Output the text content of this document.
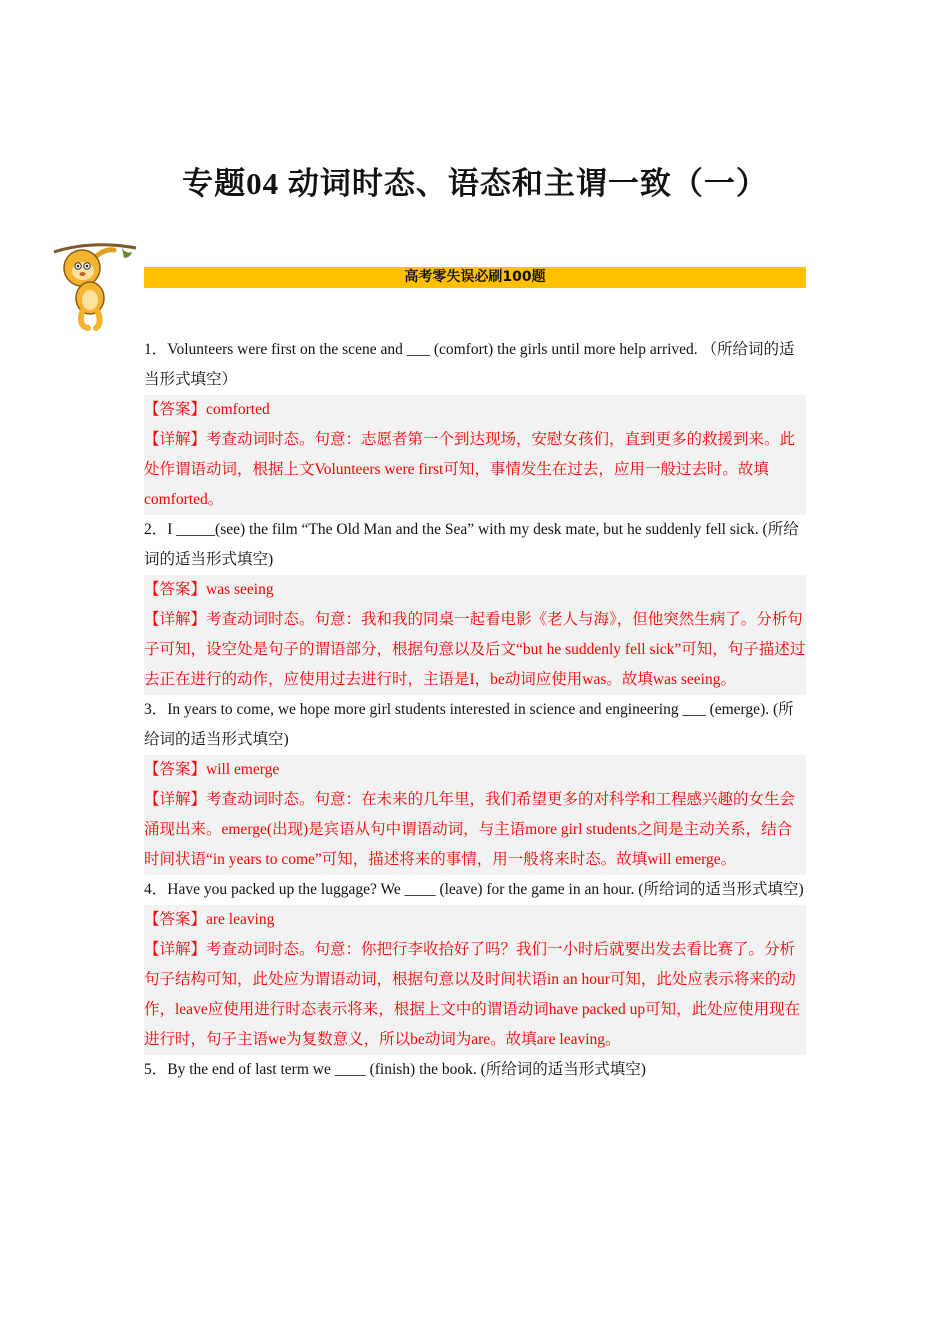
专题04 动词时态、语态和主谓一致（一）
高考零失误必刷100题

1．Volunteers were first on the scene and ___ (comfort) the girls until more help arrived. （所给词的适当形式填空）

【答案】comforted

【详解】考查动词时态。句意：志愿者第一个到达现场，安慰女孩们，直到更多的救援到来。此处作谓语动词，根据上文Volunteers were first可知，事情发生在过去，应用一般过去时。故填comforted。

2．I _____(see) the film “The Old Man and the Sea” with my desk mate, but he suddenly fell sick. (所给词的适当形式填空)

【答案】was seeing

【详解】考查动词时态。句意：我和我的同桌一起看电影《老人与海》，但他突然生病了。分析句子可知，设空处是句子的谓语部分，根据句意以及后文“but he suddenly fell sick”可知，句子描述过去正在进行的动作，应使用过去进行时，主语是I，be动词应使用was。故填was seeing。

3．In years to come, we hope more girl students interested in science and engineering ___ (emerge). (所给词的适当形式填空)

【答案】will emerge

【详解】考查动词时态。句意：在未来的几年里，我们希望更多的对科学和工程感兴趣的女生会涌现出来。emerge(出现)是宾语从句中谓语动词，与主语more girl students之间是主动关系，结合时间状语“in years to come”可知，描述将来的事情，用一般将来时态。故填will emerge。

4．Have you packed up the luggage? We ____ (leave) for the game in an hour. (所给词的适当形式填空)

【答案】are leaving

【详解】考查动词时态。句意：你把行李收拾好了吗？我们一小时后就要出发去看比赛了。分析句子结构可知，此处应为谓语动词，根据句意以及时间状语in an hour可知，此处应表示将来的动作，leave应使用进行时态表示将来，根据上文中的谓语动词have packed up可知，此处应使用现在进行时，句子主语we为复数意义，所以be动词为are。故填are leaving。

5．By the end of last term we ____ (finish) the book. (所给词的适当形式填空)
